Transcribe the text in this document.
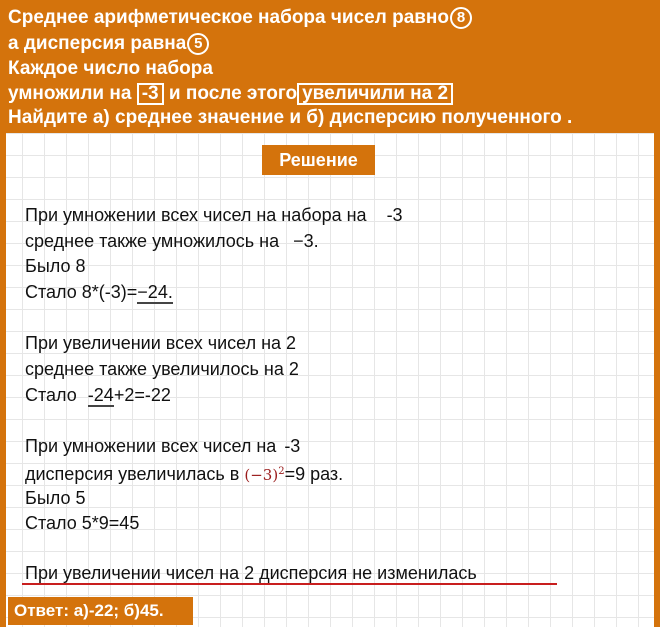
Среднее арифметическое набора чисел равно 8
а дисперсия равна 5
Каждое число набора
умножили на -3 и после этого увеличили на 2
Найдите а) среднее значение и б) дисперсию полученного .
Решение
При умножении всех чисел на набора на -3
среднее также умножилось на −3.
Было 8
Стало 8*(-3)=−24.
При увеличении всех чисел на 2
среднее также увеличилось на 2
Стало -24+2=-22
При умножении всех чисел на -3
дисперсия увеличилась в $(-3)^2=9$ раз.
Было 5
Стало 5*9=45
При увеличении чисел на 2 дисперсия не изменилась
Ответ: а)-22; б)45.
